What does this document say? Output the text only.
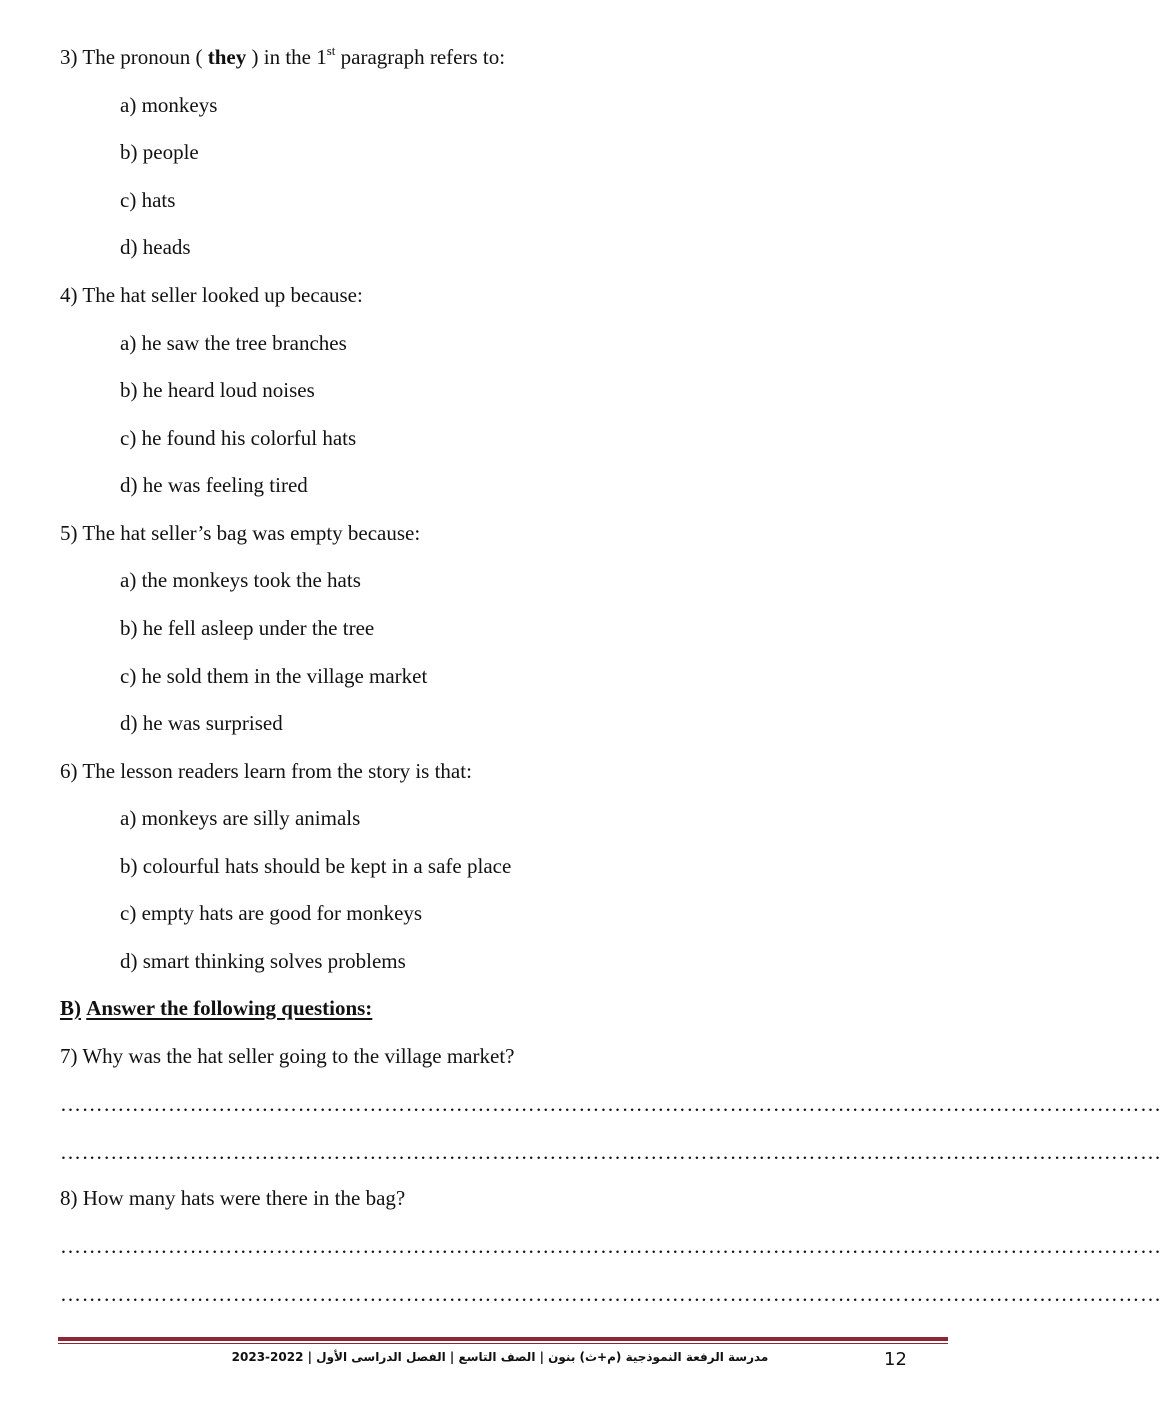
3) The pronoun ( they ) in the 1st paragraph refers to:
a) monkeys
b) people
c) hats
d) heads
4) The hat seller looked up because:
a) he saw the tree branches
b) he heard loud noises
c) he found his colorful hats
d) he was feeling tired
5) The hat seller’s bag was empty because:
a) the monkeys took the hats
b) he fell asleep under the tree
c) he sold them in the village market
d) he was surprised
6) The lesson readers learn from the story is that:
a) monkeys are silly animals
b) colourful hats should be kept in a safe place
c) empty hats are good for monkeys
d) smart thinking solves problems
B) Answer the following questions:
7) Why was the hat seller going to the village market?
………………………………………………………………………………………………………………………………………
………………………………………………………………………………………………………………………………………
8) How many hats were there in the bag?
………………………………………………………………………………………………………………………………………
………………………………………………………………………………………………………………………………………
مدرسة الرفعة النموذجية (م+ث) بنون | الصف التاسع | الفصل الدراسى الأول | 2022-2023	12
